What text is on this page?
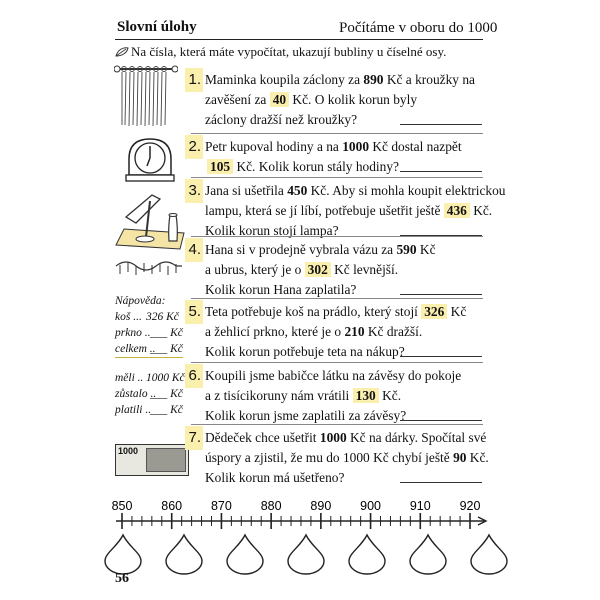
Slovní úlohy	Počítáme v oboru do 1000
Na čísla, která máte vypočítat, ukazují bubliny u číselné osy.
Nápověda:
koš ... 326 Kč
prkno .. ___ Kč
celkem ..
___ Kč
měli .. 1000 Kč
zůstalo ..
___ Kč
platili ..
___ Kč
1000
1. Maminka koupila záclony za 890 Kč a kroužky na
zavěšení za 40 Kč. O kolik korun byly
záclony dražší než kroužky?
2. Petr kupoval hodiny a na 1000 Kč dostal nazpět
105 Kč. Kolik korun stály hodiny?
3. Jana si ušetřila 450 Kč. Aby si mohla koupit elektrickou
lampu, která se jí líbí, potřebuje ušetřit ještě 436 Kč.
Kolik korun stojí lampa?
4. Hana si v prodejně vybrala vázu za 590 Kč
a ubrus, který je o 302 Kč levnější.
Kolik korun Hana zaplatila?
5. Teta potřebuje koš na prádlo, který stojí 326 Kč
a žehlicí prkno, které je o 210 Kč dražší.
Kolik korun potřebuje teta na nákup?
6. Koupili jsme babičce látku na závěsy do pokoje
a z tisícikoruny nám vrátili 130 Kč.
Kolik korun jsme zaplatili za závěsy?
7. Dědeček chce ušetřit 1000 Kč na dárky. Spočítal své
úspory a zjistil, že mu do 1000 Kč chybí ještě 90 Kč.
Kolik korun má ušetřeno?
850 860 870 880 890 900 910 920
56
